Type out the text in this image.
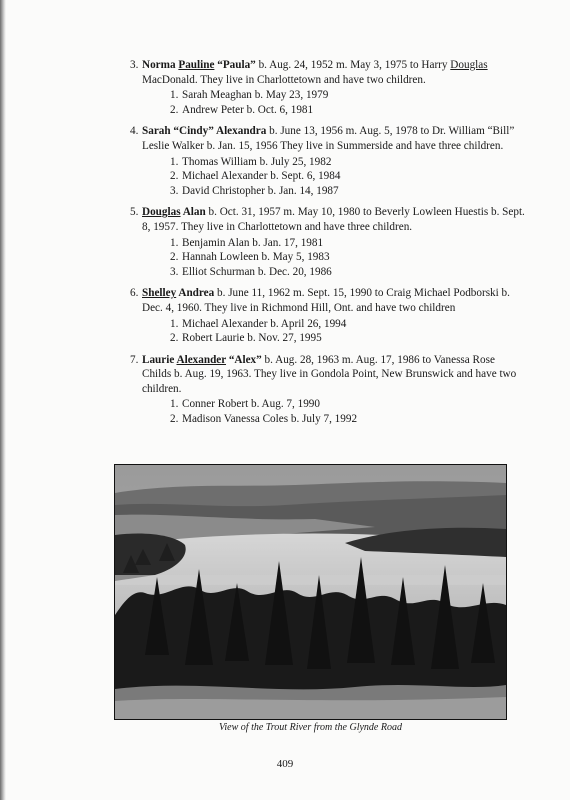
3. Norma Pauline “Paula” b. Aug. 24, 1952 m. May 3, 1975 to Harry Douglas MacDonald. They live in Charlottetown and have two children.
1. Sarah Meaghan b. May 23, 1979
2. Andrew Peter b. Oct. 6, 1981
4. Sarah “Cindy” Alexandra b. June 13, 1956 m. Aug. 5, 1978 to Dr. William “Bill” Leslie Walker b. Jan. 15, 1956 They live in Summerside and have three children.
1. Thomas William b. July 25, 1982
2. Michael Alexander b. Sept. 6, 1984
3. David Christopher b. Jan. 14, 1987
5. Douglas Alan b. Oct. 31, 1957 m. May 10, 1980 to Beverly Lowleen Huestis b. Sept. 8, 1957. They live in Charlottetown and have three children.
1. Benjamin Alan b. Jan. 17, 1981
2. Hannah Lowleen b. May 5, 1983
3. Elliot Schurman b. Dec. 20, 1986
6. Shelley Andrea b. June 11, 1962 m. Sept. 15, 1990 to Craig Michael Podborski b. Dec. 4, 1960. They live in Richmond Hill, Ont. and have two children
1. Michael Alexander b. April 26, 1994
2. Robert Laurie b. Nov. 27, 1995
7. Laurie Alexander “Alex” b. Aug. 28, 1963 m. Aug. 17, 1986 to Vanessa Rose Childs b. Aug. 19, 1963. They live in Gondola Point, New Brunswick and have two children.
1. Conner Robert b. Aug. 7, 1990
2. Madison Vanessa Coles b. July 7, 1992
View of the Trout River from the Glynde Road
409
